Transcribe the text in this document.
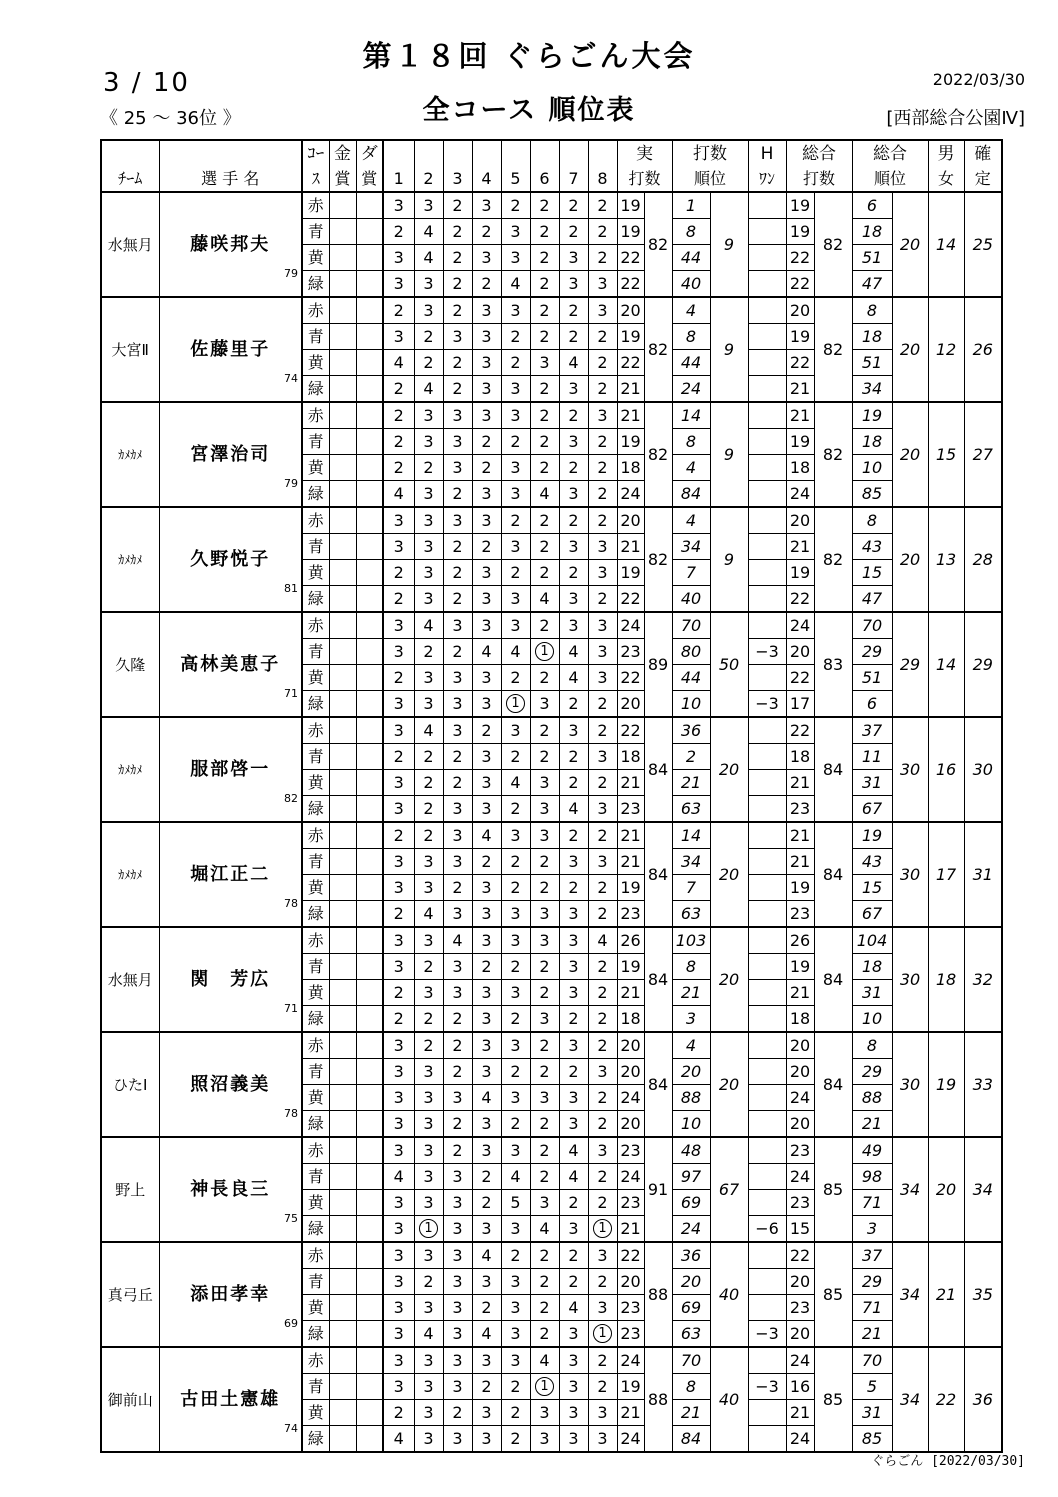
第１８回 ぐらごん大会
3 / 10
《 25 ～ 36位 》	全コース 順位表
2022/03/30
[西部総合公園Ⅳ]
		ｺｰ	金	ダ									実		打数		H	総合		総合		男	確
ﾁｰﾑ	選 手 名	ｽ	賞	賞	1	2	3	4	5	6	7	8	打数		順位		ﾜﾝ	打数		順位		女	定
水無月	藤咲邦夫
79	赤			3	3	2	3	2	2	2	2	19	82	1	9		19	82	6	20	14	25
		青			2	4	2	2	3	2	2	2	19		8			19		18			
		黄			3	4	2	3	3	2	3	2	22		44			22		51			
		緑			3	3	2	2	4	2	3	3	22		40			22		47			
大宮Ⅱ	佐藤里子
74	赤			2	3	2	3	3	2	2	3	20	82	4	9		20	82	8	20	12	26
		青			3	2	3	3	2	2	2	2	19		8			19		18			
		黄			4	2	2	3	2	3	4	2	22		44			22		51			
		緑			2	4	2	3	3	2	3	2	21		24			21		34			
ｶﾒｶﾒ	宮澤治司
79	赤			2	3	3	3	3	2	2	3	21	82	14	9		21	82	19	20	15	27
		青			2	3	3	2	2	2	3	2	19		8			19		18			
		黄			2	2	3	2	3	2	2	2	18		4			18		10			
		緑			4	3	2	3	3	4	3	2	24		84			24		85			
ｶﾒｶﾒ	久野悦子
81	赤			3	3	3	3	2	2	2	2	20	82	4	9		20	82	8	20	13	28
		青			3	3	2	2	3	2	3	3	21		34			21		43			
		黄			2	3	2	3	2	2	2	3	19		7			19		15			
		緑			2	3	2	3	3	4	3	2	22		40			22		47			
久隆	高林美恵子
71	赤			3	4	3	3	3	2	3	3	24	89	70	50		24	83	70	29	14	29
		青			3	2	2	4	4	1	4	3	23		80		−3	20		29			
		黄			2	3	3	3	2	2	4	3	22		44			22		51			
		緑			3	3	3	3	1	3	2	2	20		10		−3	17		6			
ｶﾒｶﾒ	服部啓一
82	赤			3	4	3	2	3	2	3	2	22	84	36	20		22	84	37	30	16	30
		青			2	2	2	3	2	2	2	3	18		2			18		11			
		黄			3	2	2	3	4	3	2	2	21		21			21		31			
		緑			3	2	3	3	2	3	4	3	23		63			23		67			
ｶﾒｶﾒ	堀江正二
78	赤			2	2	3	4	3	3	2	2	21	84	14	20		21	84	19	30	17	31
		青			3	3	3	2	2	2	3	3	21		34			21		43			
		黄			3	3	2	3	2	2	2	2	19		7			19		15			
		緑			2	4	3	3	3	3	3	2	23		63			23		67			
水無月	関　芳広
71	赤			3	3	4	3	3	3	3	4	26	84	103	20		26	84	104	30	18	32
		青			3	2	3	2	2	2	3	2	19		8			19		18			
		黄			2	3	3	3	3	2	3	2	21		21			21		31			
		緑			2	2	2	3	2	3	2	2	18		3			18		10			
ひたⅠ	照沼義美
78	赤			3	2	2	3	3	2	3	2	20	84	4	20		20	84	8	30	19	33
		青			3	3	2	3	2	2	2	3	20		20			20		29			
		黄			3	3	3	4	3	3	3	2	24		88			24		88			
		緑			3	3	2	3	2	2	3	2	20		10			20		21			
野上	神長良三
75	赤			3	3	2	3	3	2	4	3	23	91	48	67		23	85	49	34	20	34
		青			4	3	3	2	4	2	4	2	24		97			24		98			
		黄			3	3	3	2	5	3	2	2	23		69			23		71			
		緑			3	1	3	3	3	4	3	1	21		24		−6	15		3			
真弓丘	添田孝幸
69	赤			3	3	3	4	2	2	2	3	22	88	36	40		22	85	37	34	21	35
		青			3	2	3	3	3	2	2	2	20		20			20		29			
		黄			3	3	3	2	3	2	4	3	23		69			23		71			
		緑			3	4	3	4	3	2	3	1	23		63		−3	20		21			
御前山	古田土憲雄
74	赤			3	3	3	3	3	4	3	2	24	88	70	40		24	85	70	34	22	36
		青			3	3	3	2	2	1	3	2	19		8		−3	16		5			
		黄			2	3	2	3	2	3	3	3	21		21			21		31			
		緑			4	3	3	3	2	3	3	3	24		84			24		85			
ぐらごん [2022/03/30]
